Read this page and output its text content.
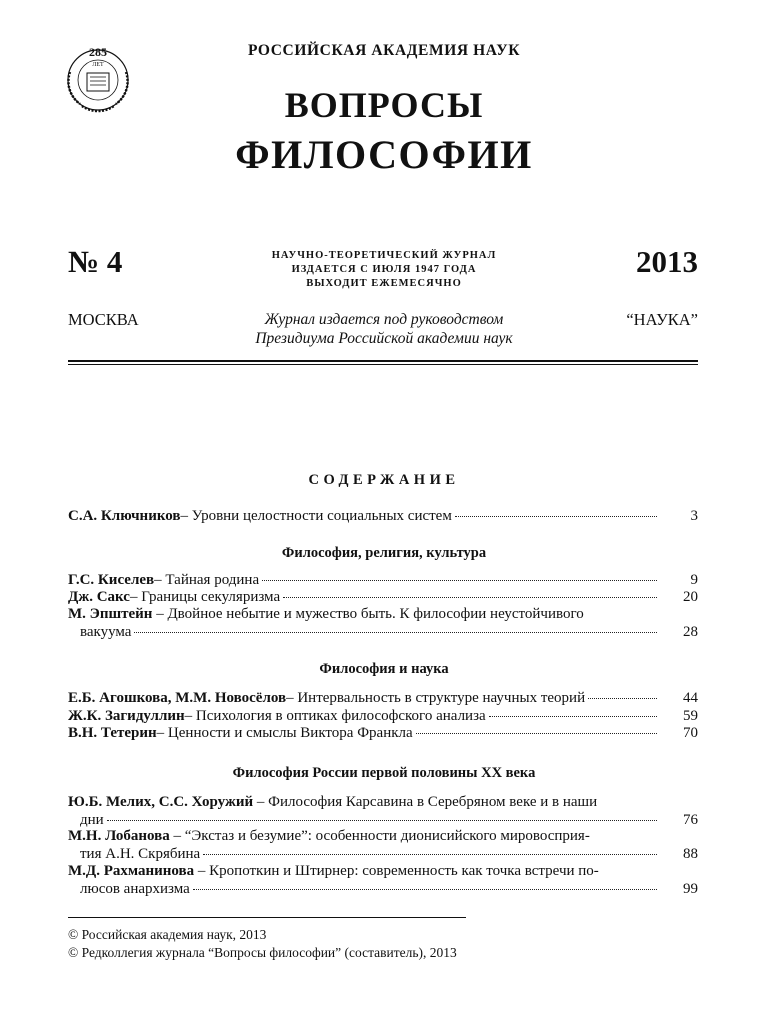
285
ЛЕТ
РОССИЙСКАЯ АКАДЕМИЯ НАУК
ВОПРОСЫ
ФИЛОСОФИИ
№ 4	2013
НАУЧНО-ТЕОРЕТИЧЕСКИЙ ЖУРНАЛ
ИЗДАЕТСЯ С ИЮЛЯ 1947 ГОДА
ВЫХОДИТ ЕЖЕМЕСЯЧНО
МОСКВА	“НАУКА”
Журнал издается под руководством
Президиума Российской академии наук
СОДЕРЖАНИЕ
С.А. Ключников – Уровни целостности социальных систем	3
Философия, религия, культура
Г.С. Киселев – Тайная родина	9
Дж. Сакс – Границы секуляризма	20
М. Эпштейн – Двойное небытие и мужество быть. К философии неустойчивого
вакуума	28
Философия и наука
Е.Б. Агошкова, М.М. Новосёлов – Интервальность в структуре научных теорий	44
Ж.К. Загидуллин – Психология в оптиках философского анализа	59
В.Н. Тетерин – Ценности и смыслы Виктора Франкла	70
Философия России первой половины XX века
Ю.Б. Мелих, С.С. Хоружий – Философия Карсавина в Серебряном веке и в наши
дни	76
М.Н. Лобанова – “Экстаз и безумие”: особенности дионисийского мировосприя-
тия А.Н. Скрябина	88
М.Д. Рахманинова – Кропоткин и Штирнер: современность как точка встречи по-
люсов анархизма	99
© Российская академия наук, 2013
© Редколлегия журнала “Вопросы философии” (составитель), 2013
